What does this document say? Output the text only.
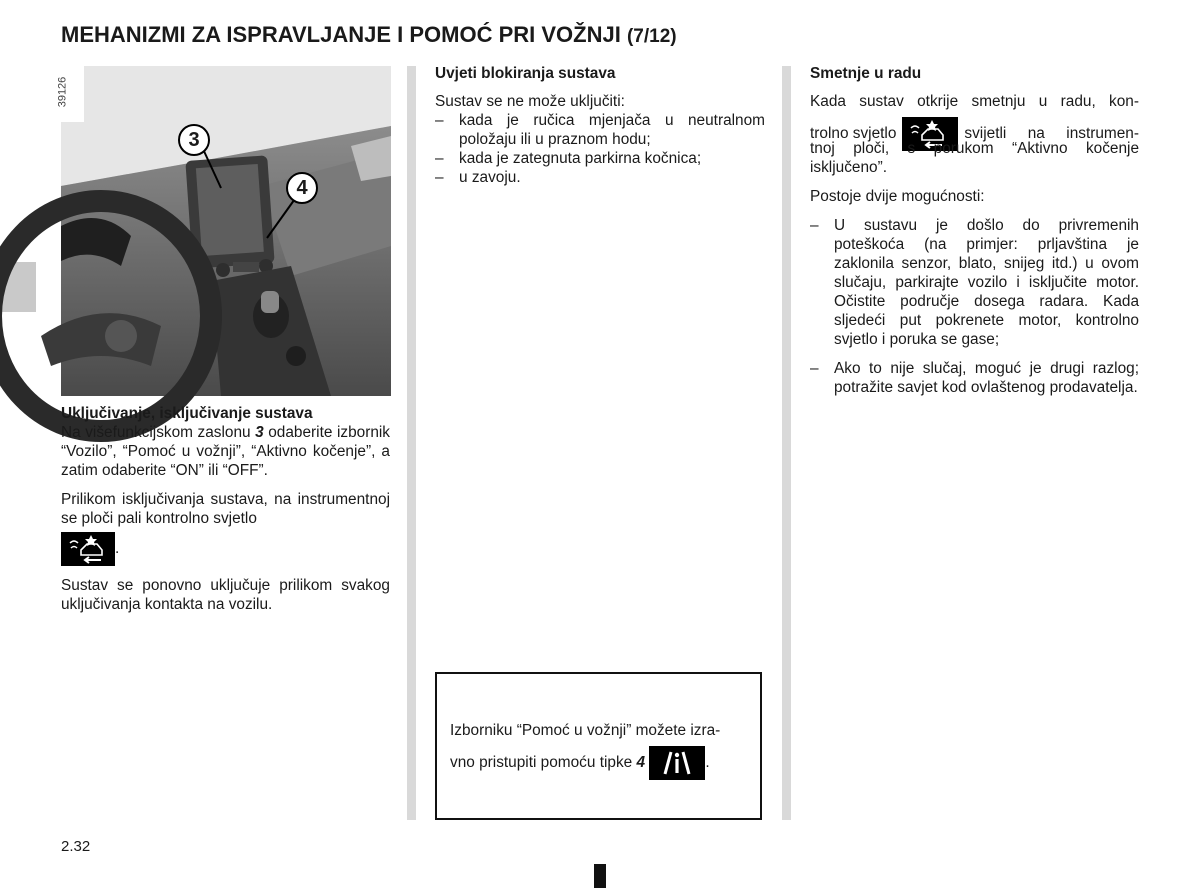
MEHANIZMI ZA ISPRAVLJANJE I POMOĆ PRI VOŽNJI (7/12)
39126
3
4

Uključivanje, isključivanje sustava

Na višefunkcijskom zaslonu 3 odaberite izbornik “Vozilo”, “Pomoć u vožnji”, “Aktivno kočenje”, a zatim odaberite “ON” ili “OFF”.

Prilikom isključivanja sustava, na instrumentnoj se ploči pali kontrolno svjetlo

.

Sustav se ponovno uključuje prilikom svakog uključivanja kontakta na vozilu.

Uvjeti blokiranja sustava

Sustav se ne može uključiti:

– kada je ručica mjenjača u neutralnom položaju ili u praznom hodu;

– kada je zategnuta parkirna kočnica;

– u zavoju.

Izborniku “Pomoć u vožnji” možete izra-

vno pristupiti pomoću tipke 4	.

Smetnje u radu

Kada sustav otkrije smetnju u radu, kon-

trolno svjetlo	svijetli na instrumen-

tnoj ploči, s porukom “Aktivno kočenje isključeno”.

Postoje dvije mogućnosti:

– U sustavu je došlo do privremenih poteškoća (na primjer: prljavština je zaklonila senzor, blato, snijeg itd.) u ovom slučaju, parkirajte vozilo i isključite motor. Očistite područje dosega radara. Kada sljedeći put pokrenete motor, kontrolno svjetlo i poruka se gase;

– Ako to nije slučaj, moguć je drugi razlog; potražite savjet kod ovlaštenog prodavatelja.

2.32
